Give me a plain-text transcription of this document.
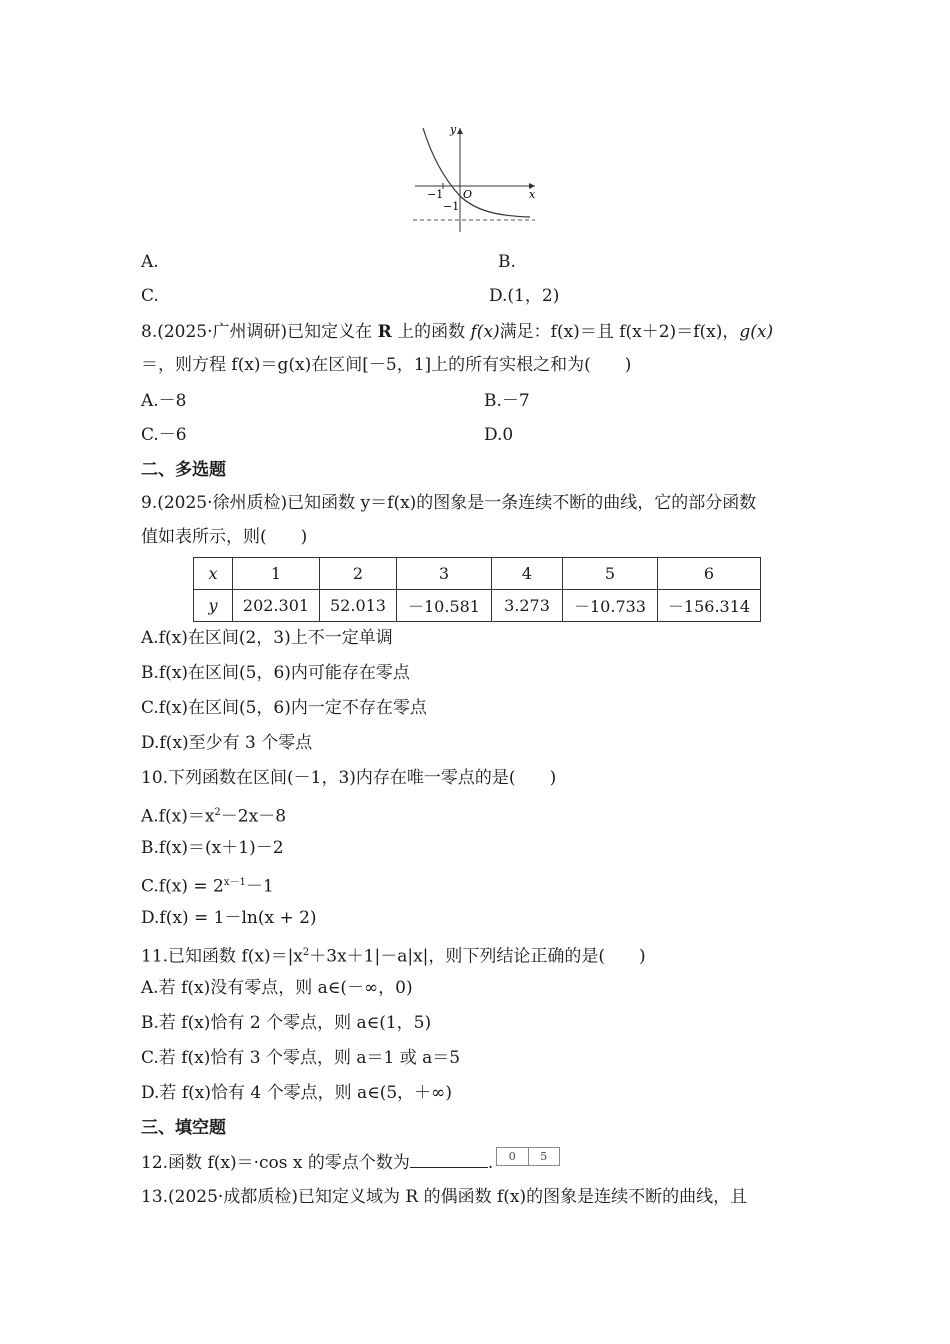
y
x
O
−1
−1
A.	B.
C.	D.(1，2)
8.(2025·广州调研)已知定义在 R 上的函数 f(x)满足：f(x)＝且 f(x＋2)＝f(x)，g(x)
＝，则方程 f(x)＝g(x)在区间[－5，1]上的所有实根之和为(　　)
A.－8	B.－7
C.－6	D.0
二、多选题
9.(2025·徐州质检)已知函数 y＝f(x)的图象是一条连续不断的曲线，它的部分函数
值如表所示，则(　　)
x	1	2	3	4	5	6
y	202.301	52.013	－10.581	3.273	－10.733	－156.314
A.f(x)在区间(2，3)上不一定单调
B.f(x)在区间(5，6)内可能存在零点
C.f(x)在区间(5，6)内一定不存在零点
D.f(x)至少有 3 个零点
10.下列函数在区间(－1，3)内存在唯一零点的是(　　)
$A.f(x)=x^2-2x-8$
B.f(x)＝(x＋1)－2
$C.f(x) = 2^{x-1}-1$
D.f(x) = 1－ln(x + 2)
11.已知函数 $f(x)=|x^2+3x+1|-a|x|$，则下列结论正确的是(　　)
A.若 f(x)没有零点，则 a∈(－∞，0)
B.若 f(x)恰有 2 个零点，则 a∈(1，5)
C.若 f(x)恰有 3 个零点，则 a＝1 或 a＝5
D.若 f(x)恰有 4 个零点，则 a∈(5，＋∞)
三、填空题
12.函数 f(x)＝·cos x 的零点个数为	.	0	5
13.(2025·成都质检)已知定义域为 R 的偶函数 f(x)的图象是连续不断的曲线，且
